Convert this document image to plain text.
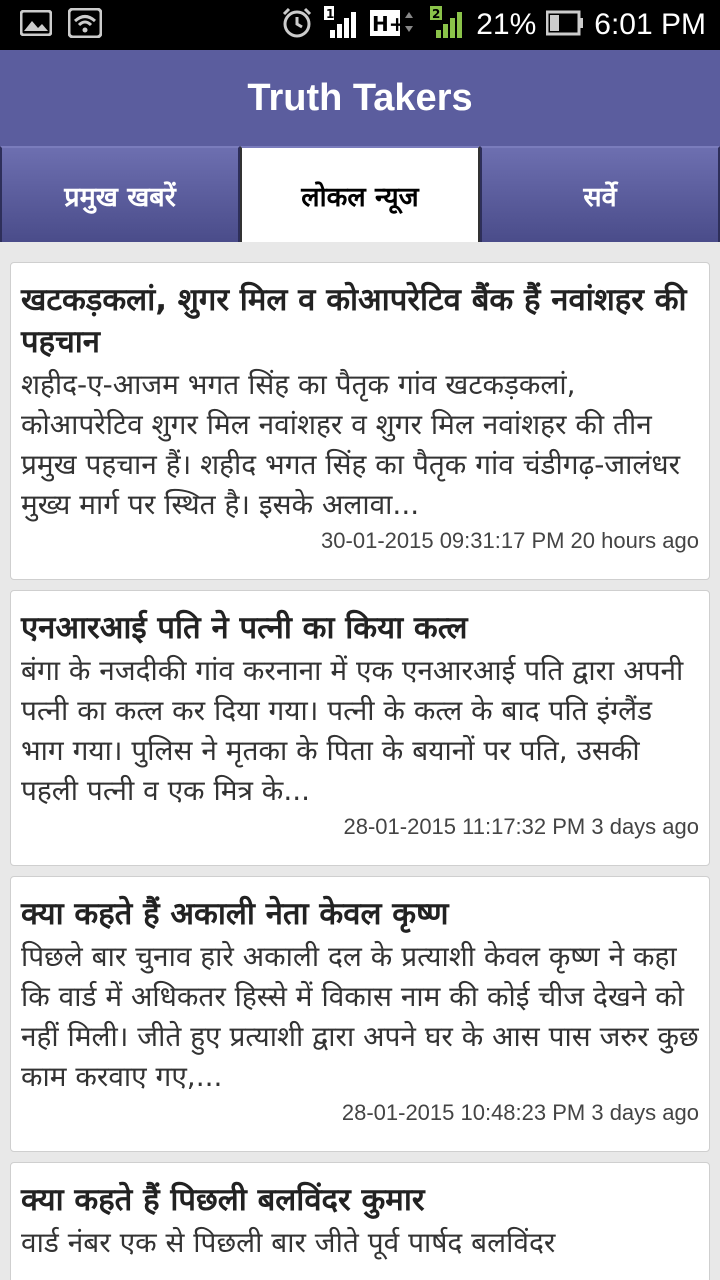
1 H+ 2 21% 6:01 PM
Truth Takers
प्रमुख खबरें	लोकल न्यूज	सर्वे
खटकड़कलां, शुगर मिल व कोआपरेटिव बैंक हैं नवांशहर की पहचान
शहीद-ए-आजम भगत सिंह का पैतृक गांव खटकड़कलां, कोआपरेटिव शुगर मिल नवांशहर व शुगर मिल नवांशहर की तीन प्रमुख पहचान हैं। शहीद भगत सिंह का पैतृक गांव चंडीगढ़-जालंधर मुख्य मार्ग पर स्थित है। इसके अलावा...
30-01-2015 09:31:17 PM 20 hours ago
एनआरआई पति ने पत्नी का किया कत्ल
बंगा के नजदीकी गांव करनाना में एक एनआरआई पति द्वारा अपनी पत्नी का कत्ल कर दिया गया। पत्नी के कत्ल के बाद पति इंग्लैंड भाग गया। पुलिस ने मृतका के पिता के बयानों पर पति, उसकी पहली पत्नी व एक मित्र के...
28-01-2015 11:17:32 PM 3 days ago
क्या कहते हैं अकाली नेता केवल कृष्ण
पिछले बार चुनाव हारे अकाली दल के प्रत्याशी केवल कृष्ण ने कहा कि वार्ड में अधिकतर हिस्से में विकास नाम की कोई चीज देखने को नहीं मिली। जीते हुए प्रत्याशी द्वारा अपने घर के आस पास जरुर कुछ काम करवाए गए,...
28-01-2015 10:48:23 PM 3 days ago
क्या कहते हैं पिछली बलविंदर कुमार
वार्ड नंबर एक से पिछली बार जीते पूर्व पार्षद बलविंदर
